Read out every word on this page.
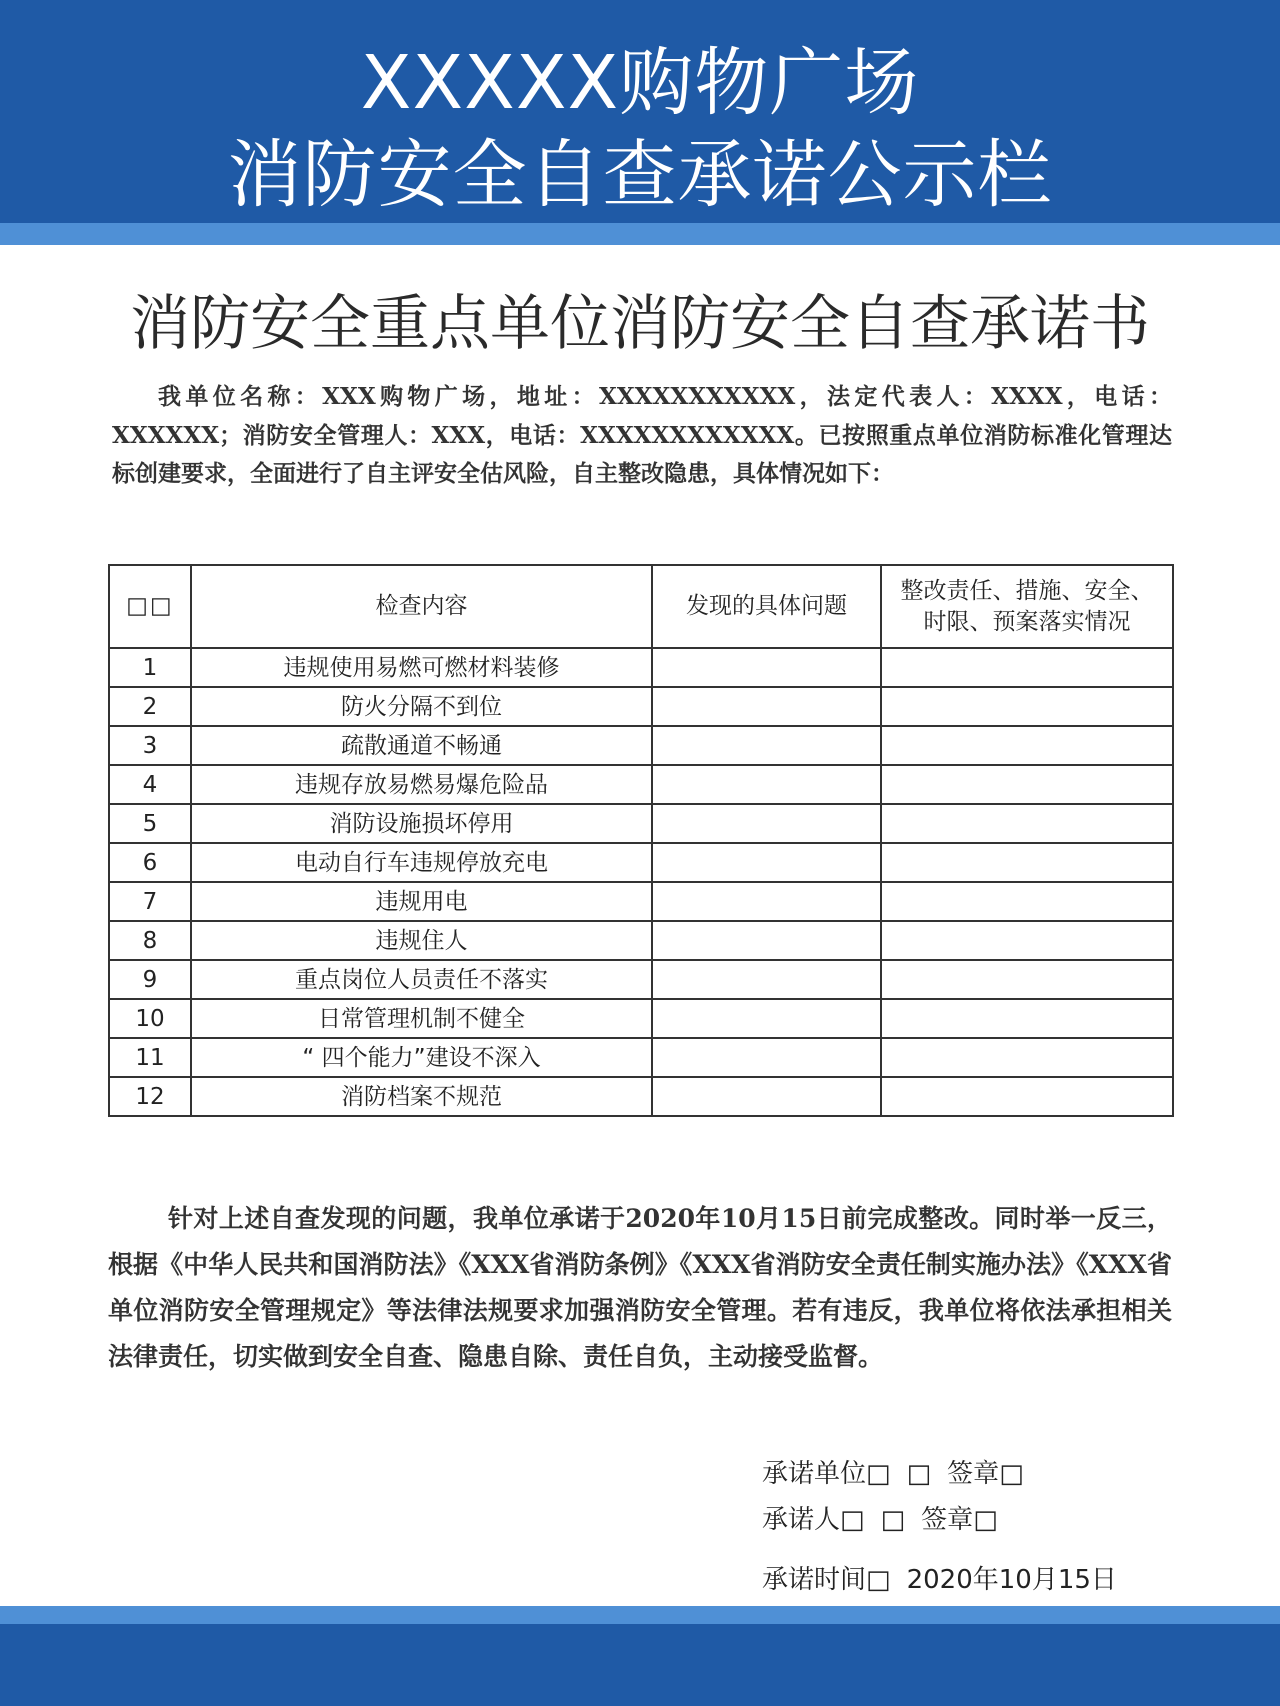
XXXXX购物广场
消防安全自查承诺公示栏
消防安全重点单位消防安全自查承诺书
我单位名称：XXX购物广场，地址：XXXXXXXXXXX，法定代表人：XXXX，电话：XXXXXX；消防安全管理人：XXX，电话：XXXXXXXXXXXX。已按照重点单位消防标准化管理达标创建要求，全面进行了自主评安全估风险，自主整改隐患，具体情况如下：
□□	检查内容	发现的具体问题	整改责任、措施、安全、
时限、预案落实情况

1	违规使用易燃可燃材料装修		
2	防火分隔不到位		
3	疏散通道不畅通		
4	违规存放易燃易爆危险品		
5	消防设施损坏停用		
6	电动自行车违规停放充电		
7	违规用电		
8	违规住人		
9	重点岗位人员责任不落实		
10	日常管理机制不健全		
11	“ 四个能力”建设不深入		
12	消防档案不规范		
针对上述自查发现的问题，我单位承诺于2020年10月15日前完成整改。同时举一反三，根据《中华人民共和国消防法》《XXX省消防条例》《XXX省消防安全责任制实施办法》《XXX省单位消防安全管理规定》等法律法规要求加强消防安全管理。若有违反，我单位将依法承担相关法律责任，切实做到安全自查、隐患自除、责任自负，主动接受监督。
承诺单位□ □ 签章□
承诺人□ □ 签章□
承诺时间□ 2020年10月15日
